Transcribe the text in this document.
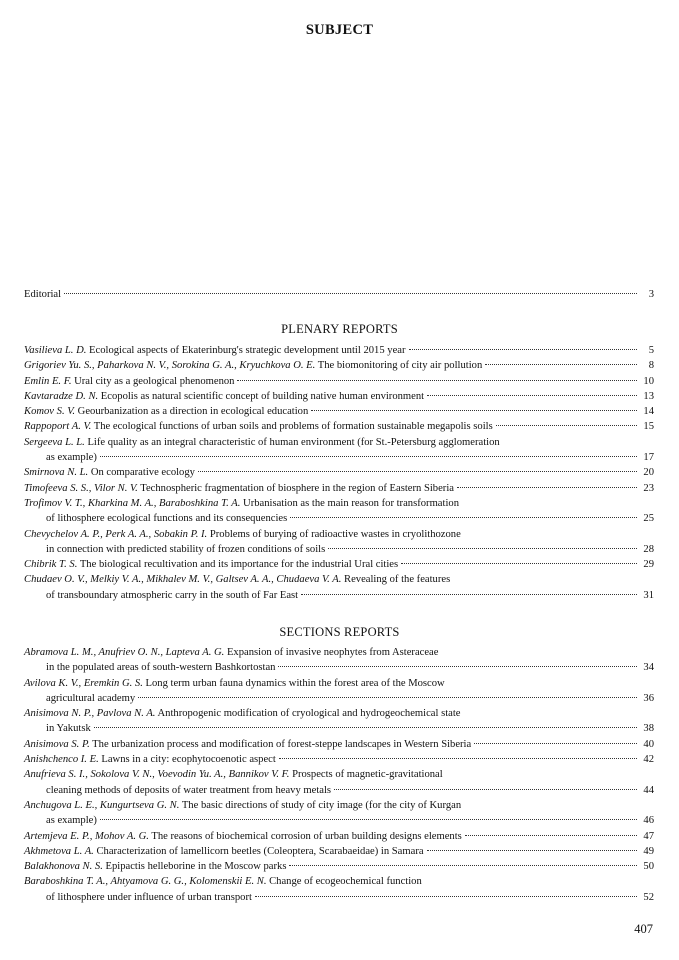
SUBJECT
Editorial	3
PLENARY REPORTS
Vasilieva L. D. Ecological aspects of Ekaterinburg's strategic development until 2015 year	5
Grigoriev Yu. S., Paharkova N. V., Sorokina G. A., Kryuchkova O. E. The biomonitoring of city air pollution	8
Emlin E. F. Ural city as a geological phenomenon	10
Kavtaradze D. N. Ecopolis as natural scientific concept of building native human environment	13
Komov S. V. Geourbanization as a direction in ecological education	14
Rappoport A. V. The ecological functions of urban soils and problems of formation sustainable megapolis soils	15
Sergeeva L. L. Life quality as an integral characteristic of human environment (for St.-Petersburg agglomeration
as example)	17
Smirnova N. L. On comparative ecology	20
Timofeeva S. S., Vilor N. V. Technospheric fragmentation of biosphere in the region of Eastern Siberia	23
Trofimov V. T., Kharkina M. A., Baraboshkina T. A. Urbanisation as the main reason for transformation
of lithosphere ecological functions and its consequencies	25
Chevychelov A. P., Perk A. A., Sobakin P. I. Problems of burying of radioactive wastes in cryolithozone
in connection with predicted stability of frozen conditions of soils	28
Chibrik T. S. The biological recultivation and its importance for the industrial Ural cities	29
Chudaev O. V., Melkiy V. A., Mikhalev M. V., Galtsev A. A., Chudaeva V. A. Revealing of the features
of transboundary atmospheric carry in the south of Far East	31
SECTIONS REPORTS
Abramova L. M., Anufriev O. N., Lapteva A. G. Expansion of invasive neophytes from Asteraceae
in the populated areas of south-western Bashkortostan	34
Avilova K. V., Eremkin G. S. Long term urban fauna dynamics within the forest area of the Moscow
agricultural academy	36
Anisimova N. P., Pavlova N. A. Anthropogenic modification of cryological and hydrogeochemical state
in Yakutsk	38
Anisimova S. P. The urbanization process and modification of forest-steppe landscapes in Western Siberia	40
Anishchenco I. E. Lawns in a city: ecophytocoenotic aspect	42
Anufrieva S. I., Sokolova V. N., Voevodin Yu. A., Bannikov V. F. Prospects of magnetic-gravitational
cleaning methods of deposits of water treatment from heavy metals	44
Anchugova L. E., Kungurtseva G. N. The basic directions of study of city image (for the city of Kurgan
as example)	46
Artemjeva E. P., Mohov A. G. The reasons of biochemical corrosion of urban building designs elements	47
Akhmetova L. A. Characterization of lamellicorn beetles (Coleoptera, Scarabaeidae) in Samara	49
Balakhonova N. S. Epipactis helleborine in the Moscow parks	50
Baraboshkina T. A., Ahtyamova G. G., Kolomenskii E. N. Change of ecogeochemical function
of lithosphere under influence of urban transport	52
407
